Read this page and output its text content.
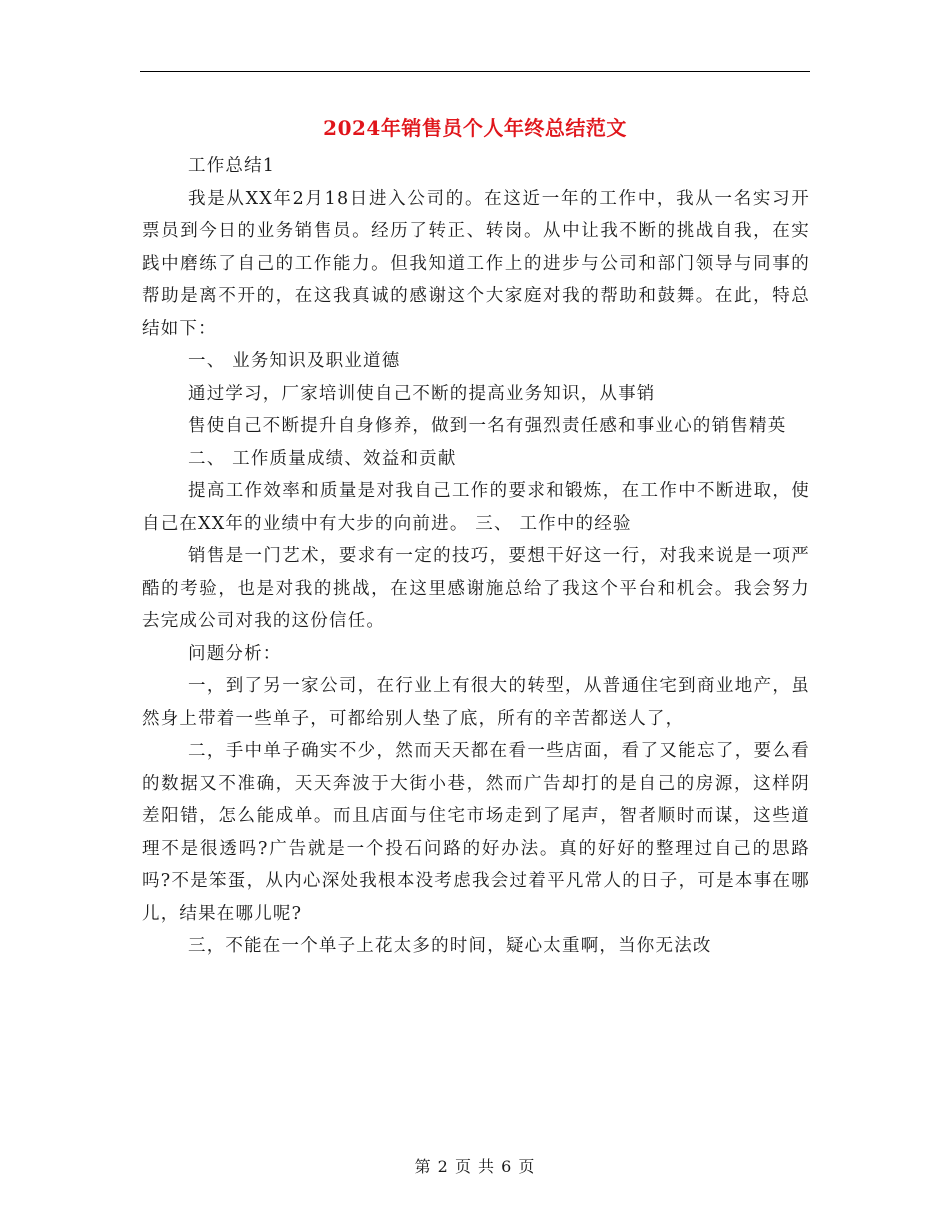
2024年销售员个人年终总结范文

工作总结1

我是从XX年2月18日进入公司的。在这近一年的工作中，我从一名实习开票员到今日的业务销售员。经历了转正、转岗。从中让我不断的挑战自我，在实践中磨练了自己的工作能力。但我知道工作上的进步与公司和部门领导与同事的帮助是离不开的，在这我真诚的感谢这个大家庭对我的帮助和鼓舞。在此，特总结如下：

一、 业务知识及职业道德

通过学习，厂家培训使自己不断的提高业务知识，从事销

售使自己不断提升自身修养，做到一名有强烈责任感和事业心的销售精英

二、 工作质量成绩、效益和贡献

提高工作效率和质量是对我自己工作的要求和锻炼，在工作中不断进取，使自己在XX年的业绩中有大步的向前进。 三、 工作中的经验

销售是一门艺术，要求有一定的技巧，要想干好这一行，对我来说是一项严酷的考验，也是对我的挑战，在这里感谢施总给了我这个平台和机会。我会努力去完成公司对我的这份信任。

问题分析：

一，到了另一家公司，在行业上有很大的转型，从普通住宅到商业地产，虽然身上带着一些单子，可都给别人垫了底，所有的辛苦都送人了，

二，手中单子确实不少，然而天天都在看一些店面，看了又能忘了，要么看的数据又不准确，天天奔波于大街小巷，然而广告却打的是自己的房源，这样阴差阳错，怎么能成单。而且店面与住宅市场走到了尾声，智者顺时而谋，这些道理不是很透吗?广告就是一个投石问路的好办法。真的好好的整理过自己的思路吗?不是笨蛋，从内心深处我根本没考虑我会过着平凡常人的日子，可是本事在哪儿，结果在哪儿呢?

三，不能在一个单子上花太多的时间，疑心太重啊，当你无法改

第 2 页 共 6 页
